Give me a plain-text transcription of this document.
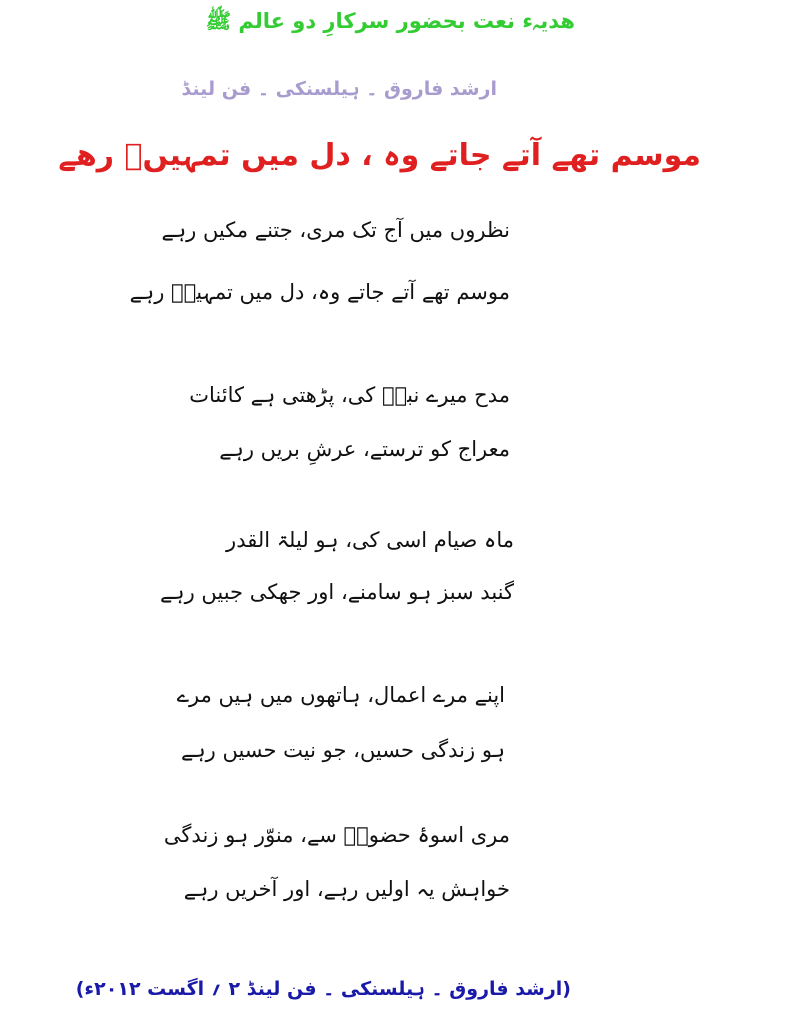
ھدیہء نعت بحضور سرکارِ دو عالم ﷺ
ارشد فاروق ۔ ہیلسنکی ۔ فن لینڈ
موسم تھے آتے جاتے وہ ، دل میں تمہیںؐ رھے
نظروں میں آج تک مری، جتنے مکیں رہے
موسم تھے آتے جاتے وہ، دل میں تمہیںؐ رہے
مدح میرے نبیؐ کی، پڑھتی ہے کائنات
معراج کو ترستے، عرشِ بریں رہے
ماہ صیام اسی کی، ہو لیلۃ القدر
گنبد سبز ہو سامنے، اور جھکی جبیں رہے
اپنے مرے اعمال، ہاتھوں میں ہیں مرے
ہو زندگی حسیں، جو نیت حسیں رہے
مری اسوۂ حضورؐ سے، منوّر ہو زندگی
خواہش یہ اولیں رہے، اور آخریں رہے
(ارشد فاروق ۔ ہیلسنکی ۔ فن لینڈ ۲ ؍ اگست ۲۰۱۲ء)
